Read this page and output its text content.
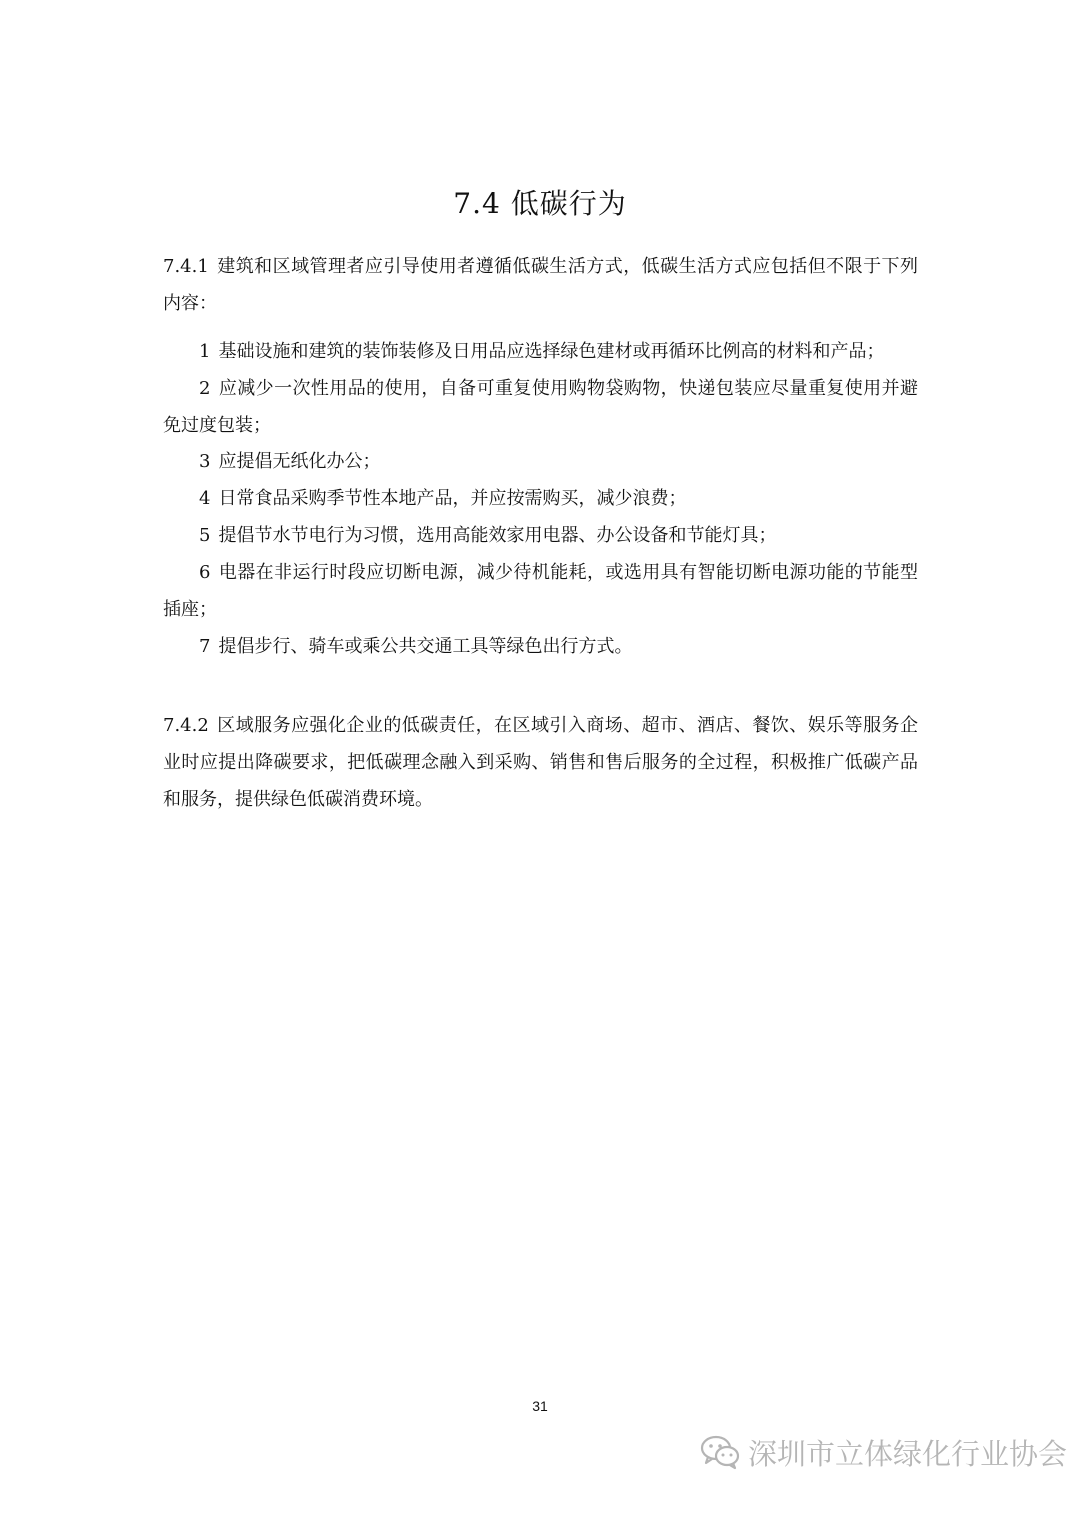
7.4 低碳行为

7.4.1 建筑和区域管理者应引导使用者遵循低碳生活方式，低碳生活方式应包括但不限于下列内容：

1 基础设施和建筑的装饰装修及日用品应选择绿色建材或再循环比例高的材料和产品；

2 应减少一次性用品的使用，自备可重复使用购物袋购物，快递包装应尽量重复使用并避免过度包装；

3 应提倡无纸化办公；

4 日常食品采购季节性本地产品，并应按需购买，减少浪费；

5 提倡节水节电行为习惯，选用高能效家用电器、办公设备和节能灯具；

6 电器在非运行时段应切断电源，减少待机能耗，或选用具有智能切断电源功能的节能型插座；

7 提倡步行、骑车或乘公共交通工具等绿色出行方式。

7.4.2 区域服务应强化企业的低碳责任，在区域引入商场、超市、酒店、餐饮、娱乐等服务企业时应提出降碳要求，把低碳理念融入到采购、销售和售后服务的全过程，积极推广低碳产品和服务，提供绿色低碳消费环境。

31
深圳市立体绿化行业协会
